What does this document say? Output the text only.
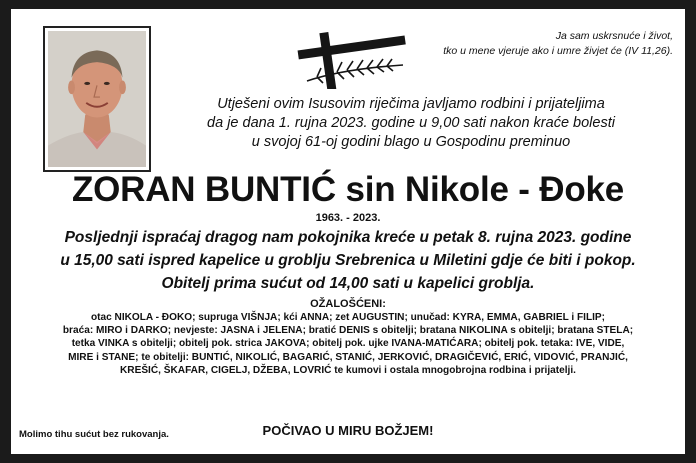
Ja sam uskrsnuće i život,
tko u mene vjeruje ako i umre živjet će (IV 11,26).
Utješeni ovim Isusovim riječima javljamo rodbini i prijateljima
da je dana 1. rujna 2023. godine u 9,00 sati nakon kraće bolesti
u svojoj 61-oj godini blago u Gospodinu preminuo
ZORAN BUNTIĆ sin Nikole - Đoke
1963. - 2023.
Posljednji ispraćaj dragog nam pokojnika kreće u petak 8. rujna 2023. godine
u 15,00 sati ispred kapelice u groblju Srebrenica u Miletini gdje će biti i pokop.
Obitelj prima sućut od 14,00 sati u kapelici groblja.
OŽALOŠĆENI:
otac NIKOLA - ĐOKO; supruga VIŠNJA; kći ANNA; zet AUGUSTIN; unučad: KYRA, EMMA, GABRIEL i FILIP;
braća: MIRO i DARKO; nevjeste: JASNA i JELENA; bratić DENIS s obitelji; bratana NIKOLINA s obitelji; bratana STELA;
tetka VINKA s obitelji; obitelj pok. strica JAKOVA; obitelj pok. ujke IVANA-MATIĆARA; obitelj pok. tetaka: IVE, VIDE,
MIRE i STANE; te obitelji: BUNTIĆ, NIKOLIĆ, BAGARIĆ, STANIĆ, JERKOVIĆ, DRAGIČEVIĆ, ERIĆ, VIDOVIĆ, PRANJIĆ,
KREŠIĆ, ŠKAFAR, CIGELJ, DŽEBA, LOVRIĆ te kumovi i ostala mnogobrojna rodbina i prijatelji.
POČIVAO U MIRU BOŽJEM!
Molimo tihu sućut bez rukovanja.
